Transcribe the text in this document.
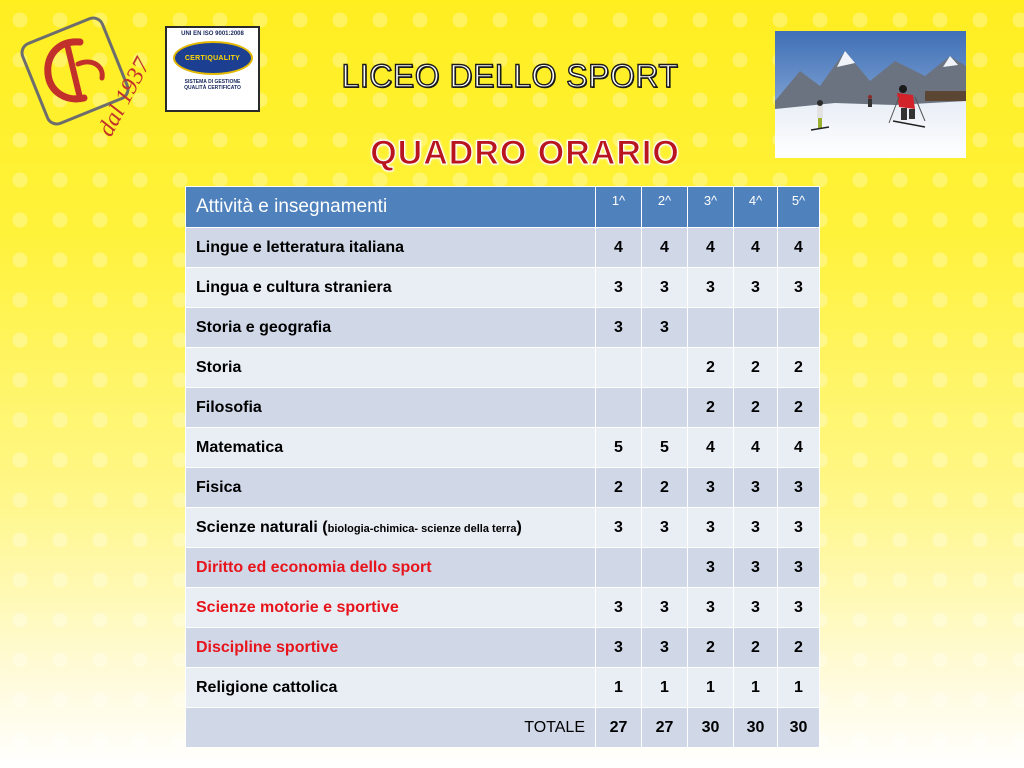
dal 1937
UNI EN ISO 9001:2008
CERTIQUALITY
SISTEMA DI GESTIONE
QUALITÀ CERTIFICATO	LICEO DELLO SPORT
QUADRO ORARIO
Attività e insegnamenti	1^	2^	3^	4^	5^
Lingue e letteratura italiana	4	4	4	4	4
Lingua e cultura straniera	3	3	3	3	3
Storia e geografia	3	3			
Storia			2	2	2
Filosofia			2	2	2
Matematica	5	5	4	4	4
Fisica	2	2	3	3	3
Scienze naturali (biologia-chimica- scienze della terra)	3	3	3	3	3
Diritto ed economia dello sport			3	3	3
Scienze motorie e sportive	3	3	3	3	3
Discipline sportive	3	3	2	2	2
Religione cattolica	1	1	1	1	1
TOTALE	27	27	30	30	30
